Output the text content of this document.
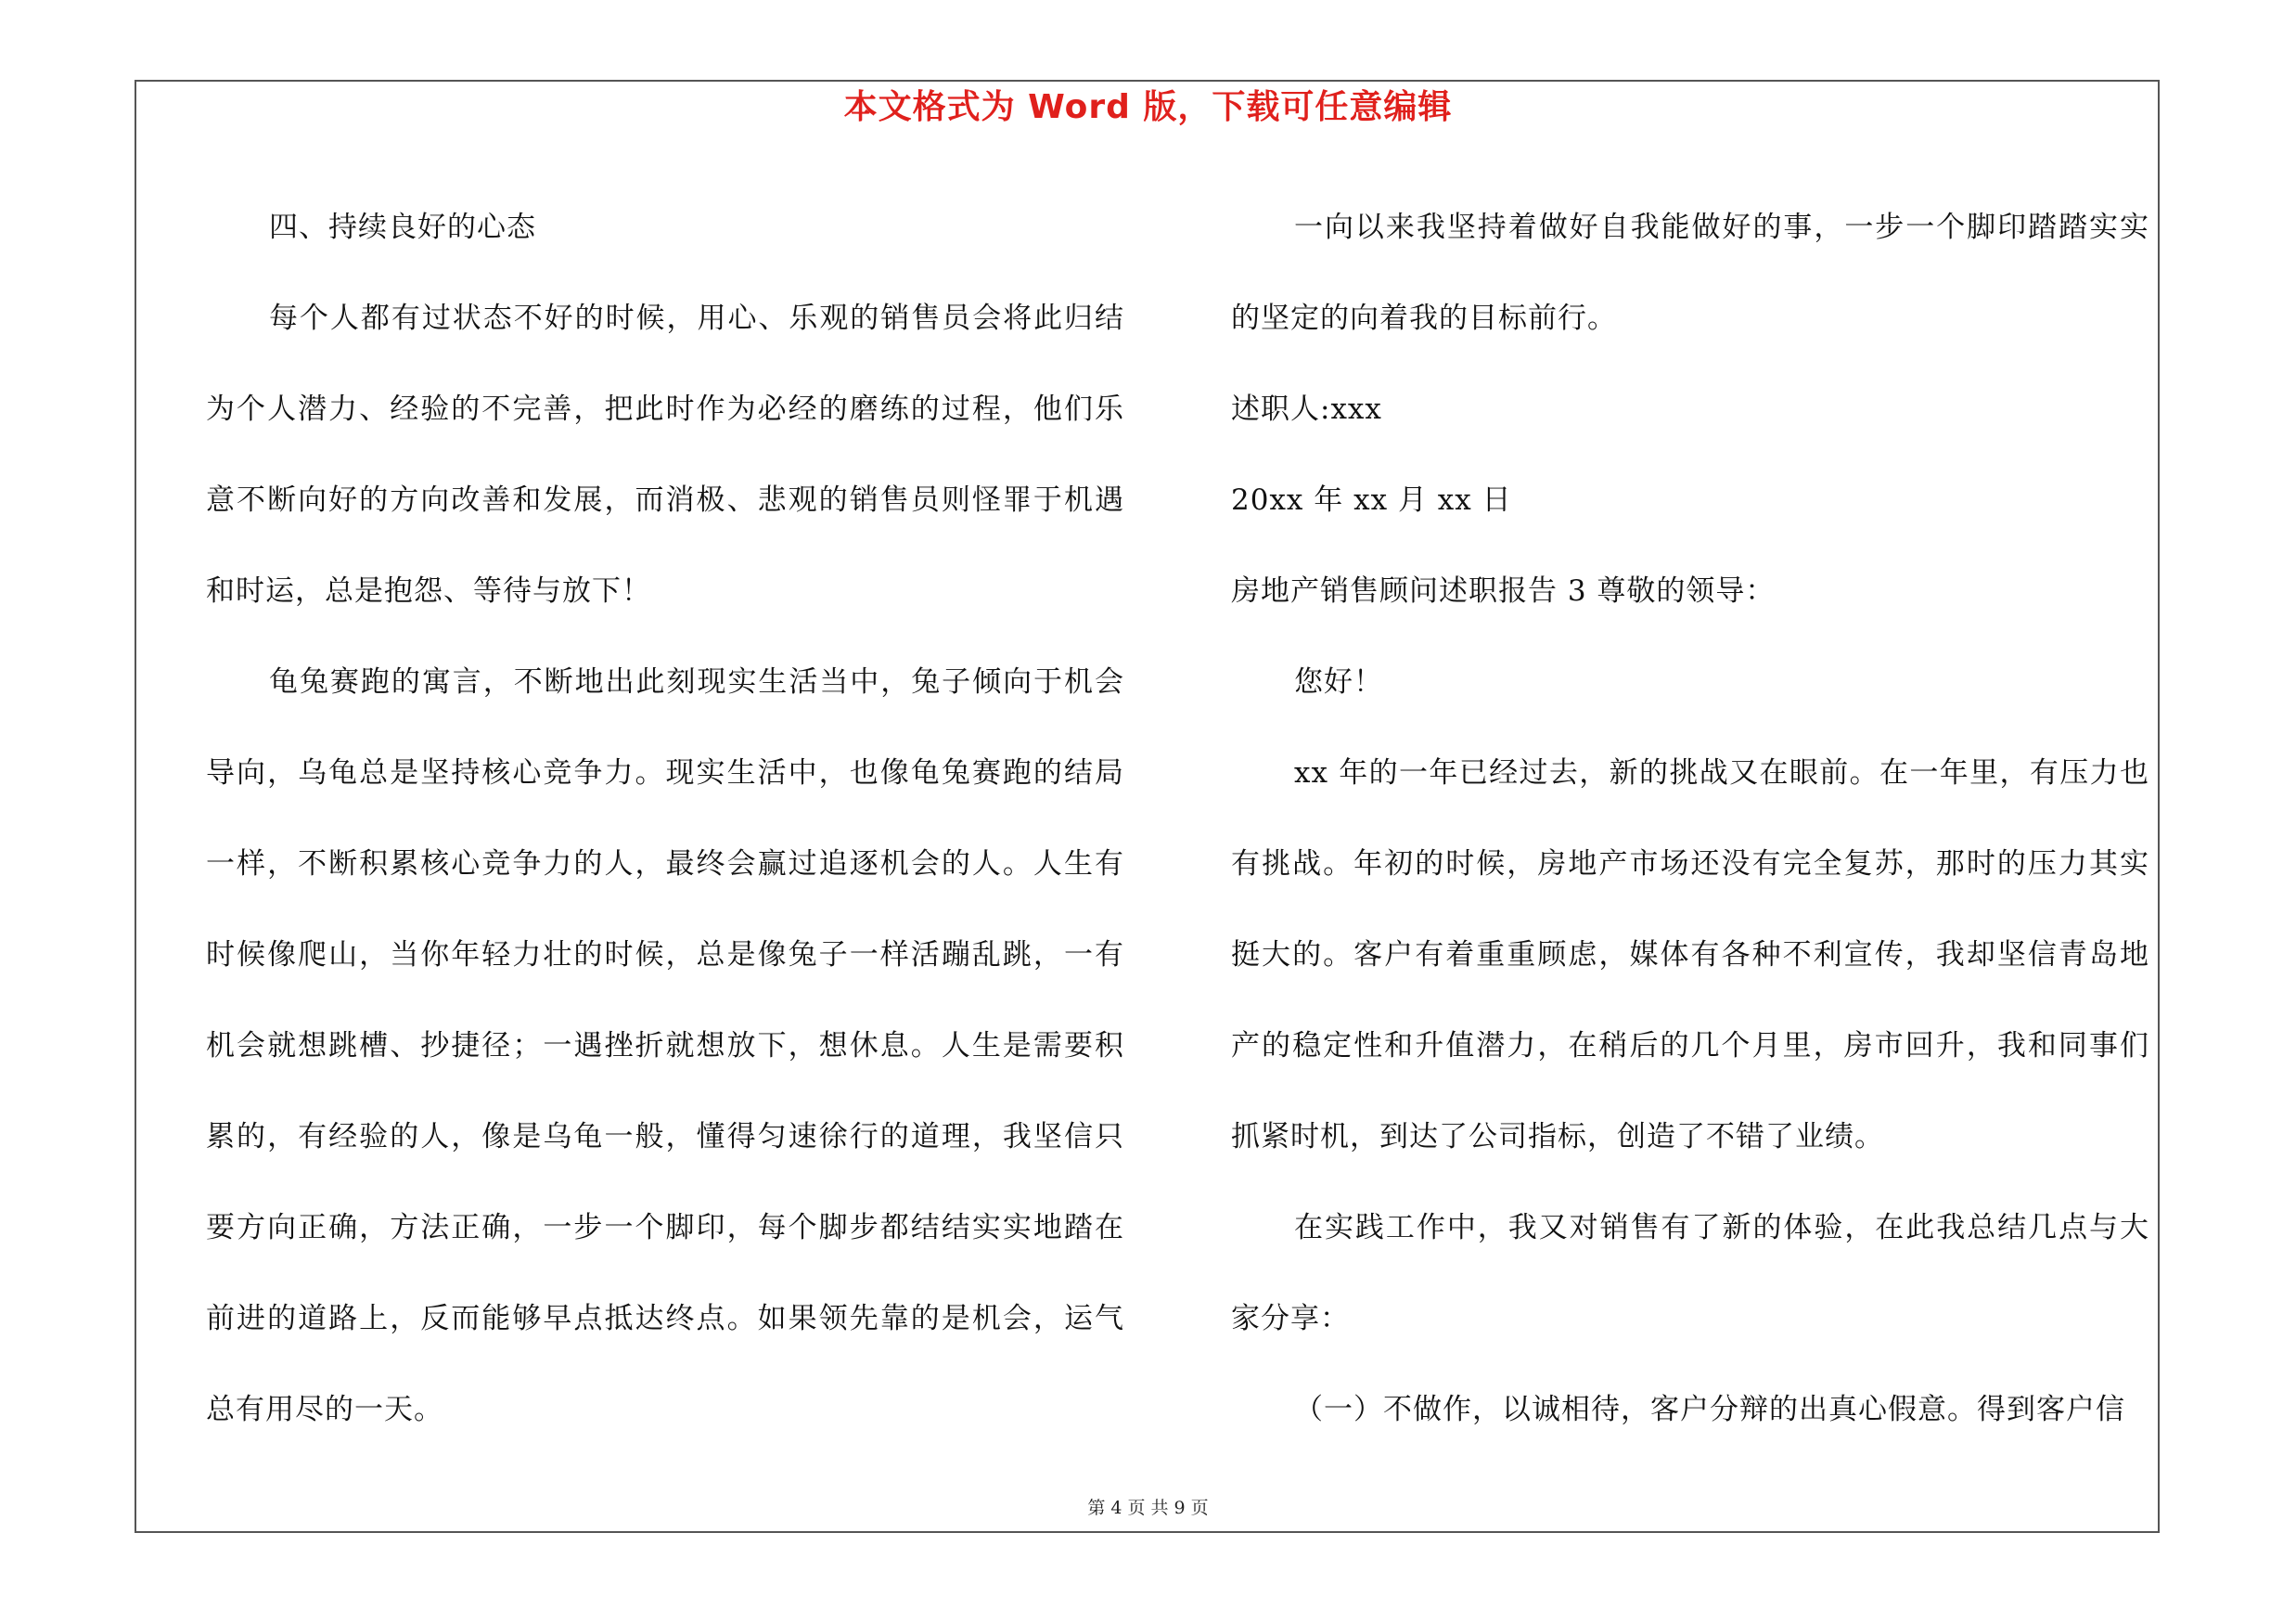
本文格式为 Word 版，下载可任意编辑

四、持续良好的心态

每个人都有过状态不好的时候，用心、乐观的销售员会将此归结为个人潜力、经验的不完善，把此时作为必经的磨练的过程，他们乐意不断向好的方向改善和发展，而消极、悲观的销售员则怪罪于机遇和时运，总是抱怨、等待与放下！

龟兔赛跑的寓言，不断地出此刻现实生活当中，兔子倾向于机会导向，乌龟总是坚持核心竞争力。现实生活中，也像龟兔赛跑的结局一样，不断积累核心竞争力的人，最终会赢过追逐机会的人。人生有时候像爬山，当你年轻力壮的时候，总是像兔子一样活蹦乱跳，一有机会就想跳槽、抄捷径；一遇挫折就想放下，想休息。人生是需要积累的，有经验的人，像是乌龟一般，懂得匀速徐行的道理，我坚信只要方向正确，方法正确，一步一个脚印，每个脚步都结结实实地踏在前进的道路上，反而能够早点抵达终点。如果领先靠的是机会，运气总有用尽的一天。

一向以来我坚持着做好自我能做好的事，一步一个脚印踏踏实实的坚定的向着我的目标前行。

述职人:xxx

20xx 年 xx 月 xx 日

房地产销售顾问述职报告 3 尊敬的领导：

您好！

xx 年的一年已经过去，新的挑战又在眼前。在一年里，有压力也有挑战。年初的时候，房地产市场还没有完全复苏，那时的压力其实挺大的。客户有着重重顾虑，媒体有各种不利宣传，我却坚信青岛地产的稳定性和升值潜力，在稍后的几个月里，房市回升，我和同事们抓紧时机，到达了公司指标，创造了不错了业绩。

在实践工作中，我又对销售有了新的体验，在此我总结几点与大家分享：

（一）不做作，以诚相待，客户分辩的出真心假意。得到客户信

第 4 页 共 9 页
